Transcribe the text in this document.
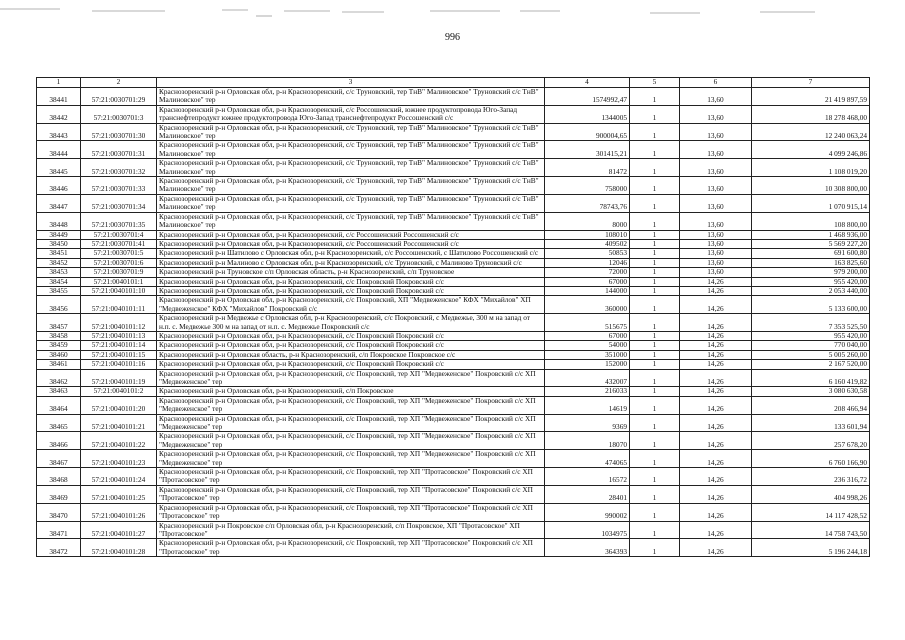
996
1	2	3	4	5	6	7
38441	57:21:0030701:29	Краснозоренский р-н Орловская обл, р-н Краснозоренский, с/с Труновский, тер ТнВ" Малиновское" Труновский с/с ТнВ" Малиновское" тер	1574992,47	1	13,60	21 419 897,59
38442	57:21:0030701:3	Краснозоренский р-н Орловская обл, р-н Краснозоренский, с/с Россошенский, южнее продуктопровода Юго-Запад транснефтепродукт южнее продуктопровода Юго-Запад транснефтепродукт Россошенский с/с	1344005	1	13,60	18 278 468,00
38443	57:21:0030701:30	Краснозоренский р-н Орловская обл, р-н Краснозоренский, с/с Труновский, тер ТнВ" Малиновское" Труновский с/с ТнВ" Малиновское" тер	900004,65	1	13,60	12 240 063,24
38444	57:21:0030701:31	Краснозоренский р-н Орловская обл, р-н Краснозоренский, с/с Труновский, тер ТнВ" Малиновское" Труновский с/с ТнВ" Малиновское" тер	301415,21	1	13,60	4 099 246,86
38445	57:21:0030701:32	Краснозоренский р-н Орловская обл, р-н Краснозоренский, с/с Труновский, тер ТнВ" Малиновское" Труновский с/с ТнВ" Малиновское" тер	81472	1	13,60	1 108 019,20
38446	57:21:0030701:33	Краснозоренский р-н Орловская обл, р-н Краснозоренский, с/с Труновский, тер ТнВ" Малиновское" Труновский с/с ТнВ" Малиновское" тер	758000	1	13,60	10 308 800,00
38447	57:21:0030701:34	Краснозоренский р-н Орловская обл, р-н Краснозоренский, с/с Труновский, тер ТнВ" Малиновское" Труновский с/с ТнВ" Малиновское" тер	78743,76	1	13,60	1 070 915,14
38448	57:21:0030701:35	Краснозоренский р-н Орловская обл, р-н Краснозоренский, с/с Труновский, тер ТнВ" Малиновское" Труновский с/с ТнВ" Малиновское" тер	8000	1	13,60	108 800,00
38449	57:21:0030701:4	Краснозоренский р-н Орловская обл, р-н Краснозоренский, с/с Россошенский Россошенский с/с	108010	1	13,60	1 468 936,00
38450	57:21:0030701:41	Краснозоренский р-н Орловская обл, р-н Краснозоренский, с/с Россошенский Россошенский с/с	409502	1	13,60	5 569 227,20
38451	57:21:0030701:5	Краснозоренский р-н Шатилово с Орловская обл, р-н Краснозоренский, с/с Россошенский, с Шатилово Россошенский с/с	50853	1	13,60	691 600,80
38452	57:21:0030701:6	Краснозоренский р-н Малиново с Орловская обл, р-н Краснозоренский, с/с Труновский, с Малиново Труновский с/с	12046	1	13,60	163 825,60
38453	57:21:0030701:9	Краснозоренский р-н Труновское с/п Орловская область, р-н Краснозоренский, с/п Труновское	72000	1	13,60	979 200,00
38454	57:21:0040101:1	Краснозоренский р-н Орловская обл, р-н Краснозоренский, с/с Покровский Покровский с/с	67000	1	14,26	955 420,00
38455	57:21:0040101:10	Краснозоренский р-н Орловская обл, р-н Краснозоренский, с/с Покровский Покровский с/с	144000	1	14,26	2 053 440,00
38456	57:21:0040101:11	Краснозоренский р-н Орловская обл, р-н Краснозоренский, с/с Покровский, ХП "Медвеженское" КФХ "Михайлов" ХП "Медвеженское" КФХ "Михайлов" Покровский с/с	360000	1	14,26	5 133 600,00
38457	57:21:0040101:12	Краснозоренский р-н Медвежье с Орловская обл, р-н Краснозоренский, с/с Покровский, с Медвежье, 300 м на запад от н.п. с. Медвежье 300 м на запад от н.п. с. Медвежье Покровский с/с	515675	1	14,26	7 353 525,50
38458	57:21:0040101:13	Краснозоренский р-н Орловская обл, р-н Краснозоренский, с/с Покровский Покровский с/с	67000	1	14,26	955 420,00
38459	57:21:0040101:14	Краснозоренский р-н Орловская обл, р-н Краснозоренский, с/с Покровский Покровский с/с	54000	1	14,26	770 040,00
38460	57:21:0040101:15	Краснозоренский р-н Орловская область, р-н Краснозоренский, с/п Покровское Покровское с/с	351000	1	14,26	5 005 260,00
38461	57:21:0040101:16	Краснозоренский р-н Орловская обл, р-н Краснозоренский, с/с Покровский Покровский с/с	152000	1	14,26	2 167 520,00
38462	57:21:0040101:19	Краснозоренский р-н Орловская обл, р-н Краснозоренский, с/с Покровский, тер ХП "Медвеженское" Покровский с/с ХП "Медвеженское" тер	432007	1	14,26	6 160 419,82
38463	57:21:0040101:2	Краснозоренский р-н Орловская обл, р-н Краснозоренский, с/п Покровское	216033	1	14,26	3 080 630,58
38464	57:21:0040101:20	Краснозоренский р-н Орловская обл, р-н Краснозоренский, с/с Покровский, тер ХП "Медвеженское" Покровский с/с ХП "Медвеженское" тер	14619	1	14,26	208 466,94
38465	57:21:0040101:21	Краснозоренский р-н Орловская обл, р-н Краснозоренский, с/с Покровский, тер ХП "Медвеженское" Покровский с/с ХП "Медвеженское" тер	9369	1	14,26	133 601,94
38466	57:21:0040101:22	Краснозоренский р-н Орловская обл, р-н Краснозоренский, с/с Покровский, тер ХП "Медвеженское" Покровский с/с ХП "Медвеженское" тер	18070	1	14,26	257 678,20
38467	57:21:0040101:23	Краснозоренский р-н Орловская обл, р-н Краснозоренский, с/с Покровский, тер ХП "Медвеженское" Покровский с/с ХП "Медвеженское" тер	474065	1	14,26	6 760 166,90
38468	57:21:0040101:24	Краснозоренский р-н Орловская обл, р-н Краснозоренский, с/с Покровский, тер ХП "Протасовское" Покровский с/с ХП "Протасовское" тер	16572	1	14,26	236 316,72
38469	57:21:0040101:25	Краснозоренский р-н Орловская обл, р-н Краснозоренский, с/с Покровский, тер ХП "Протасовское" Покровский с/с ХП "Протасовское" тер	28401	1	14,26	404 998,26
38470	57:21:0040101:26	Краснозоренский р-н Орловская обл, р-н Краснозоренский, с/с Покровский, тер ХП "Протасовское" Покровский с/с ХП "Протасовское" тер	990002	1	14,26	14 117 428,52
38471	57:21:0040101:27	Краснозоренский р-н Покровское с/п Орловская обл, р-н Краснозоренский, с/п Покровское, ХП "Протасовское" ХП "Протасовское"	1034975	1	14,26	14 758 743,50
38472	57:21:0040101:28	Краснозоренский р-н Орловская обл, р-н Краснозоренский, с/с Покровский, тер ХП "Протасовское" Покровский с/с ХП "Протасовское" тер	364393	1	14,26	5 196 244,18
